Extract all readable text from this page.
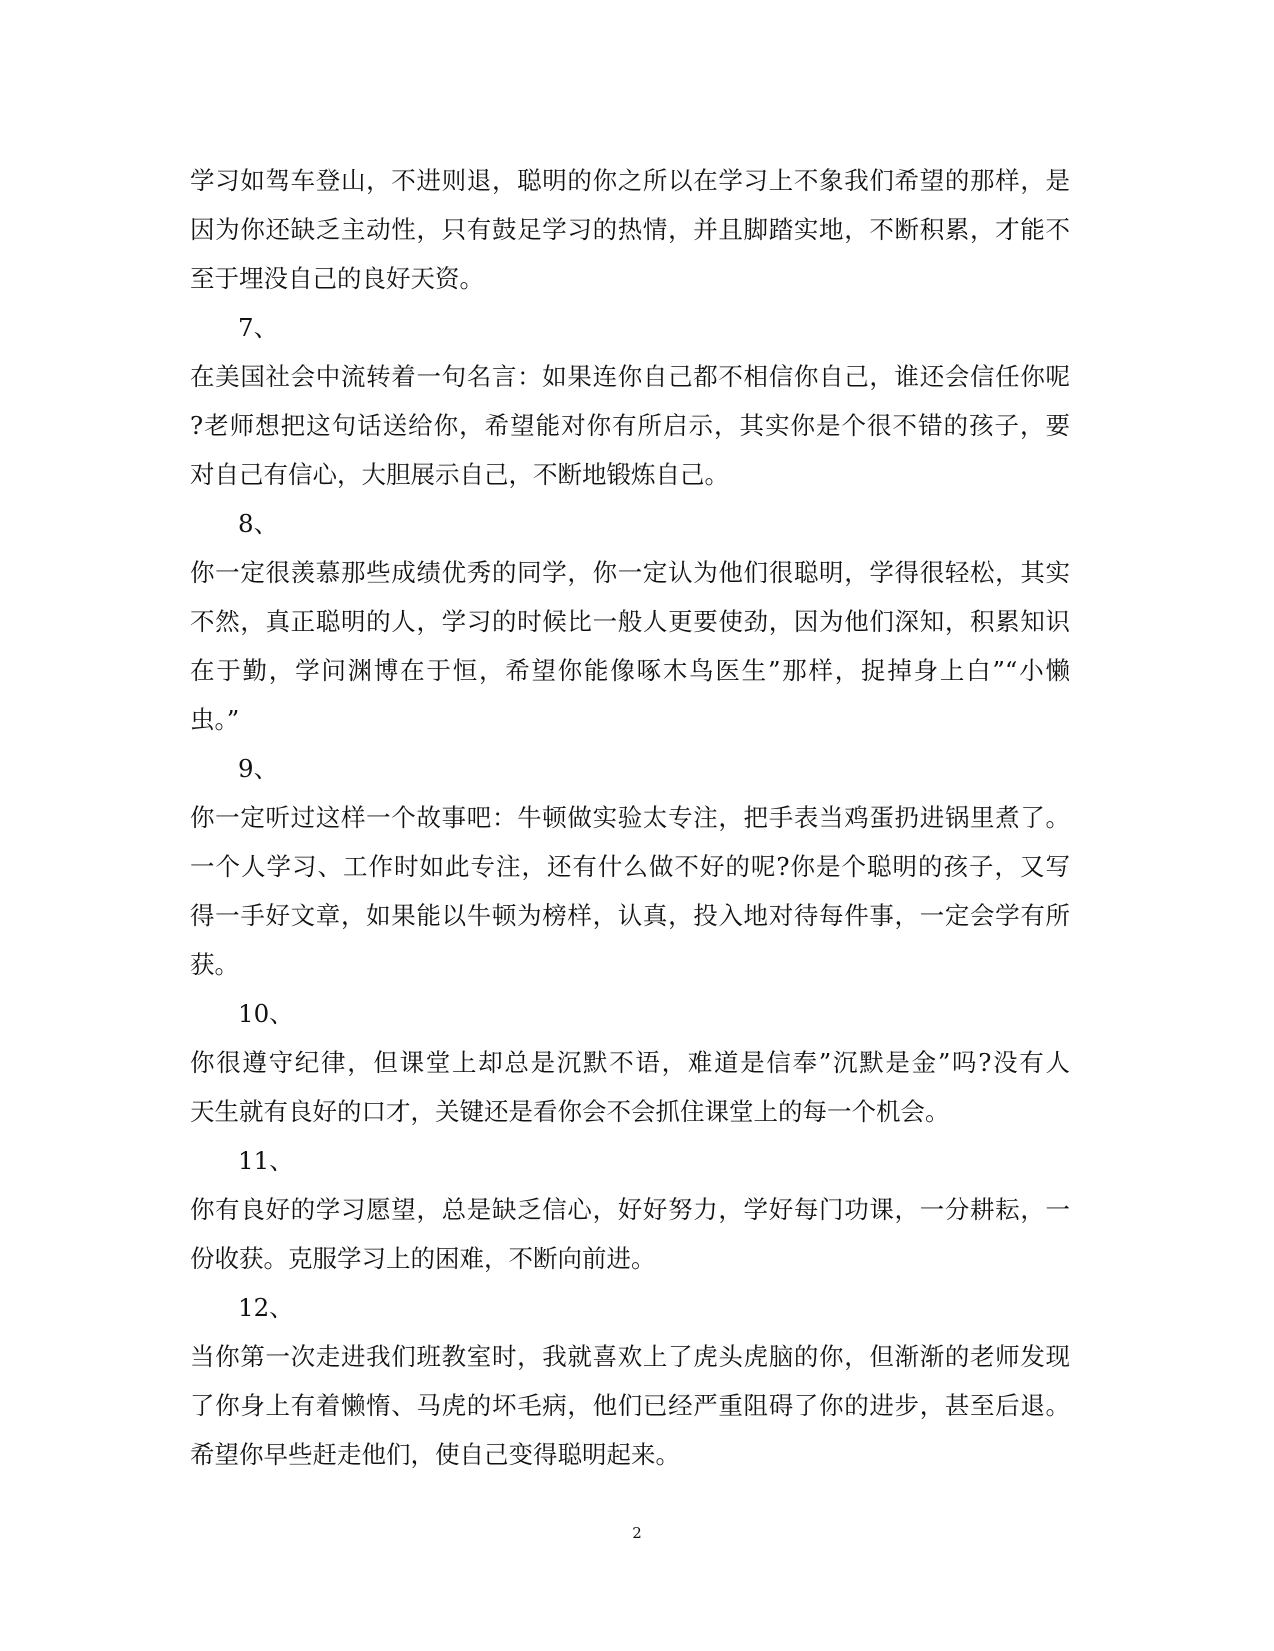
学习如驾车登山，不进则退，聪明的你之所以在学习上不象我们希望的那样，是
因为你还缺乏主动性，只有鼓足学习的热情，并且脚踏实地，不断积累，才能不
至于埋没自己的良好天资。
7、
在美国社会中流转着一句名言：如果连你自己都不相信你自己，谁还会信任你呢
?老师想把这句话送给你，希望能对你有所启示，其实你是个很不错的孩子，要
对自己有信心，大胆展示自己，不断地锻炼自己。
8、
你一定很羡慕那些成绩优秀的同学，你一定认为他们很聪明，学得很轻松，其实
不然，真正聪明的人，学习的时候比一般人更要使劲，因为他们深知，积累知识
在于勤，学问渊博在于恒，希望你能像啄木鸟医生”那样，捉掉身上白”“小懒
虫。”
9、
你一定听过这样一个故事吧：牛顿做实验太专注，把手表当鸡蛋扔进锅里煮了。
一个人学习、工作时如此专注，还有什么做不好的呢?你是个聪明的孩子，又写
得一手好文章，如果能以牛顿为榜样，认真，投入地对待每件事，一定会学有所
获。
10、
你很遵守纪律，但课堂上却总是沉默不语，难道是信奉”沉默是金”吗?没有人
天生就有良好的口才，关键还是看你会不会抓住课堂上的每一个机会。
11、
你有良好的学习愿望，总是缺乏信心，好好努力，学好每门功课，一分耕耘，一
份收获。克服学习上的困难，不断向前进。
12、
当你第一次走进我们班教室时，我就喜欢上了虎头虎脑的你，但渐渐的老师发现
了你身上有着懒惰、马虎的坏毛病，他们已经严重阻碍了你的进步，甚至后退。
希望你早些赶走他们，使自己变得聪明起来。
2
